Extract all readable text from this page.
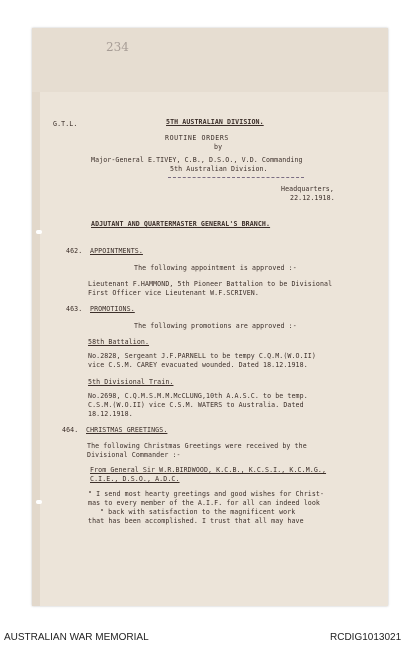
234
G.T.L.	5TH AUSTRALIAN DIVISION.
ROUTINE ORDERS
by
Major-General E.TIVEY, C.B., D.S.O., V.D. Commanding
5th Australian Division.
Headquarters,
22.12.1918.
ADJUTANT AND QUARTERMASTER GENERAL'S BRANCH.
462. APPOINTMENTS.
The following appointment is approved :-
Lieutenant F.HAMMOND, 5th Pioneer Battalion to be Divisional
First Officer vice Lieutenant W.F.SCRIVEN.
463. PROMOTIONS.
The following promotions are approved :-
58th Battalion.
No.2828, Sergeant J.F.PARNELL to be tempy C.Q.M.(W.O.II)
vice C.S.M. CAREY evacuated wounded. Dated 18.12.1918.
5th Divisional Train.
No.2698, C.Q.M.S.M.M.McCLUNG,10th A.A.S.C. to be temp.
C.S.M.(W.O.II) vice C.S.M. WATERS to Australia. Dated
18.12.1918.
464. CHRISTMAS GREETINGS.
The following Christmas Greetings were received by the
Divisional Commander :-
From General Sir W.R.BIRDWOOD, K.C.B., K.C.S.I., K.C.M.G.,
C.I.E., D.S.O., A.D.C.
" I send most hearty greetings and good wishes for Christ-
mas to every member of the A.I.F. for all can indeed look
" back with satisfaction to the magnificent work
that has been accomplished. I trust that all may have
AUSTRALIAN WAR MEMORIAL	RCDIG1013021
